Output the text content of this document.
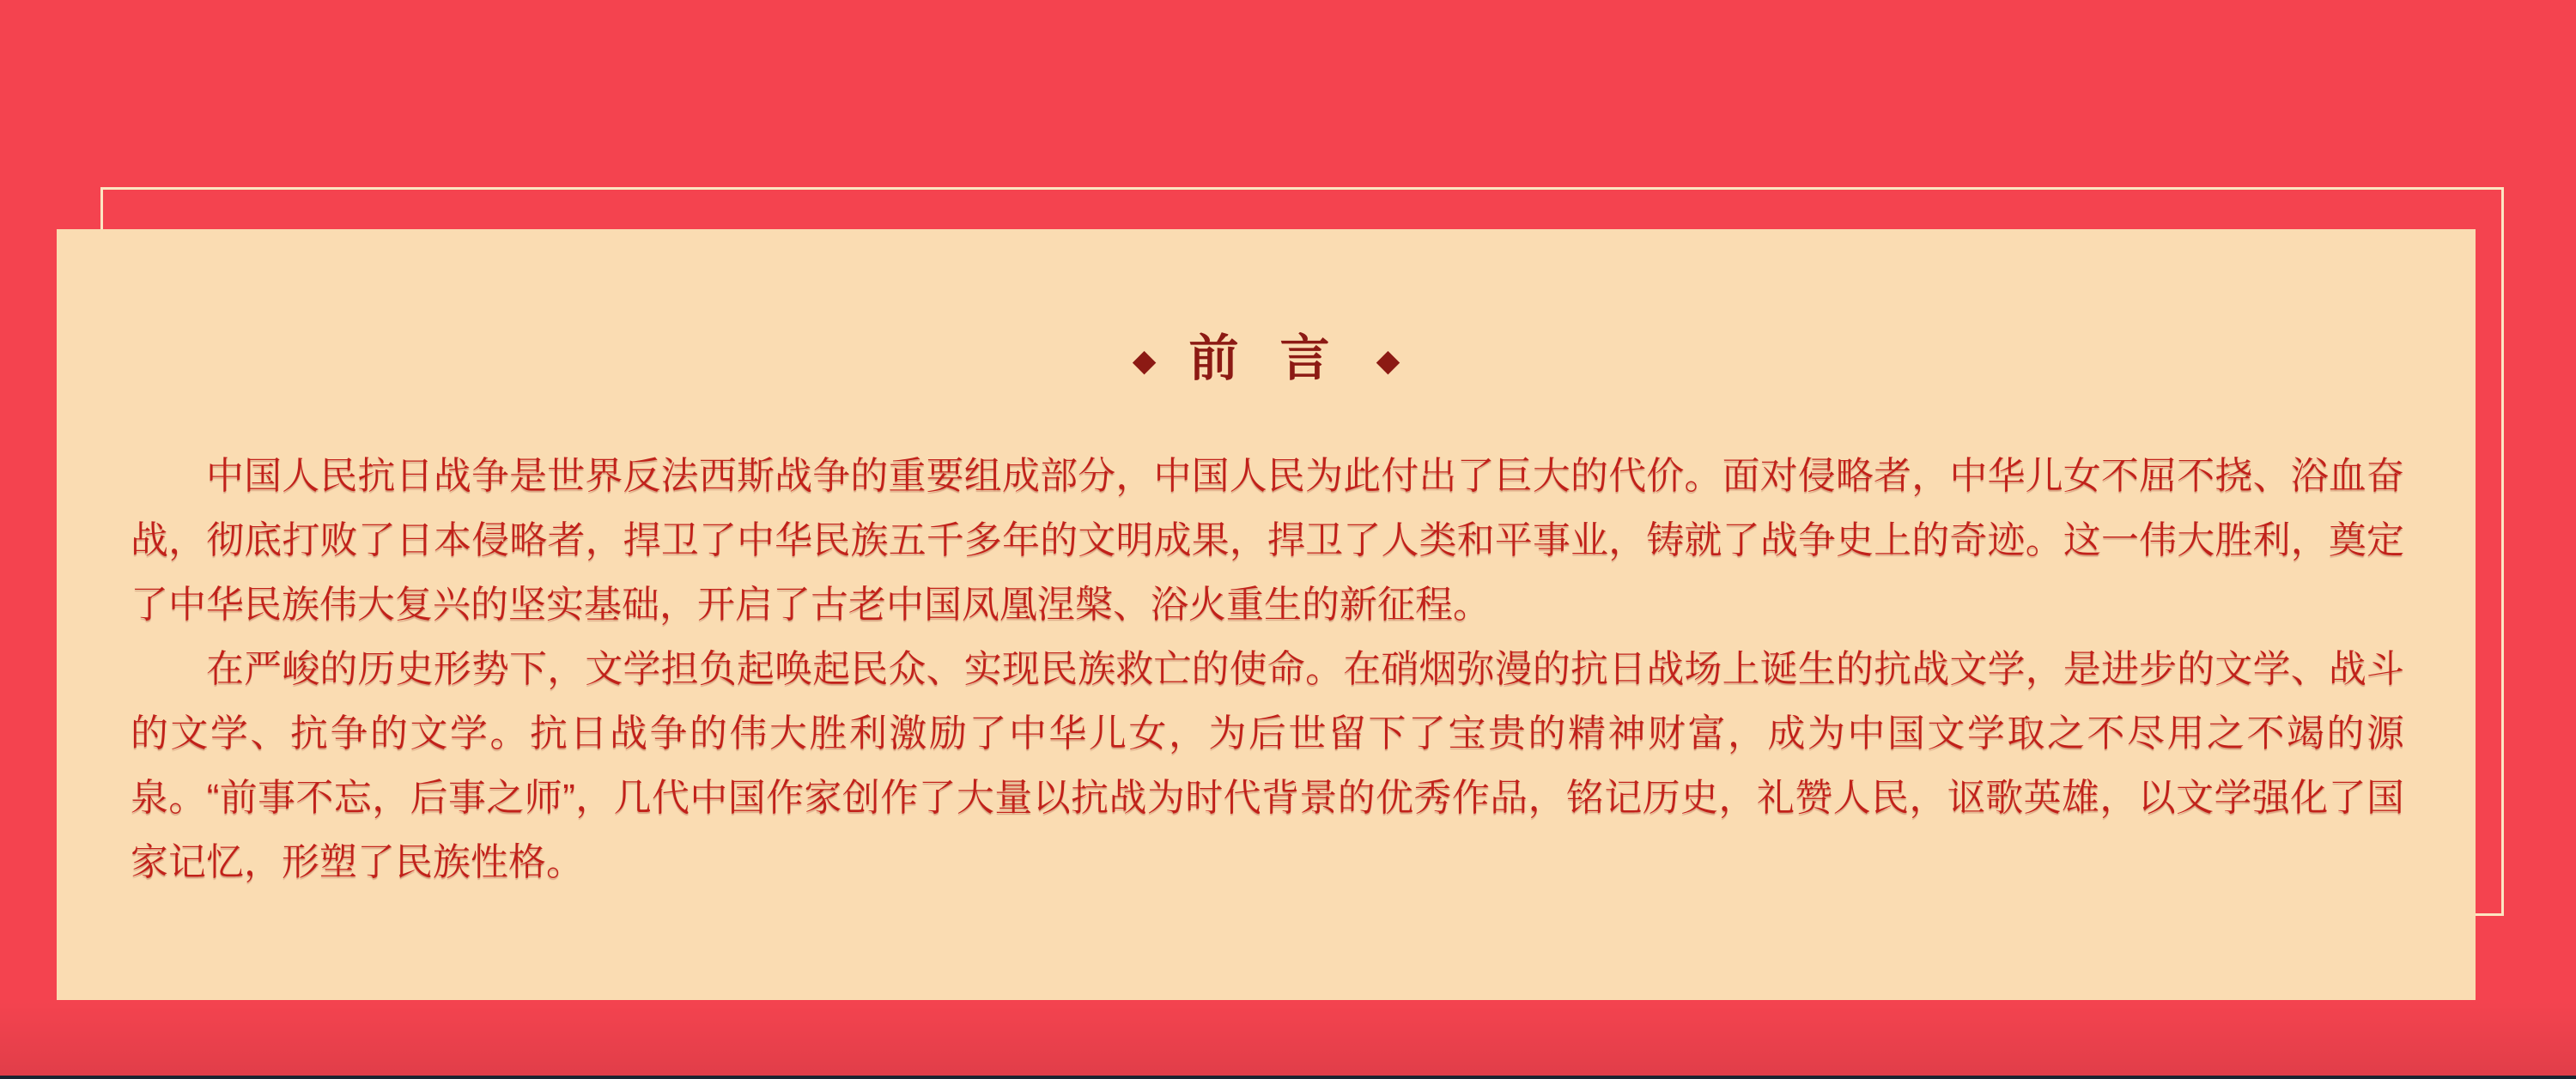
◆ 前 言 ◆

中国人民抗日战争是世界反法西斯战争的重要组成部分，中国人民为此付出了巨大的代价。面对侵略者，中华儿女不屈不挠、浴血奋战，彻底打败了日本侵略者，捍卫了中华民族五千多年的文明成果，捍卫了人类和平事业，铸就了战争史上的奇迹。这一伟大胜利，奠定了中华民族伟大复兴的坚实基础，开启了古老中国凤凰涅槃、浴火重生的新征程。

在严峻的历史形势下，文学担负起唤起民众、实现民族救亡的使命。在硝烟弥漫的抗日战场上诞生的抗战文学，是进步的文学、战斗的文学、抗争的文学。抗日战争的伟大胜利激励了中华儿女，为后世留下了宝贵的精神财富，成为中国文学取之不尽用之不竭的源泉。“前事不忘，后事之师”，几代中国作家创作了大量以抗战为时代背景的优秀作品，铭记历史，礼赞人民，讴歌英雄，以文学强化了国家记忆，形塑了民族性格。
